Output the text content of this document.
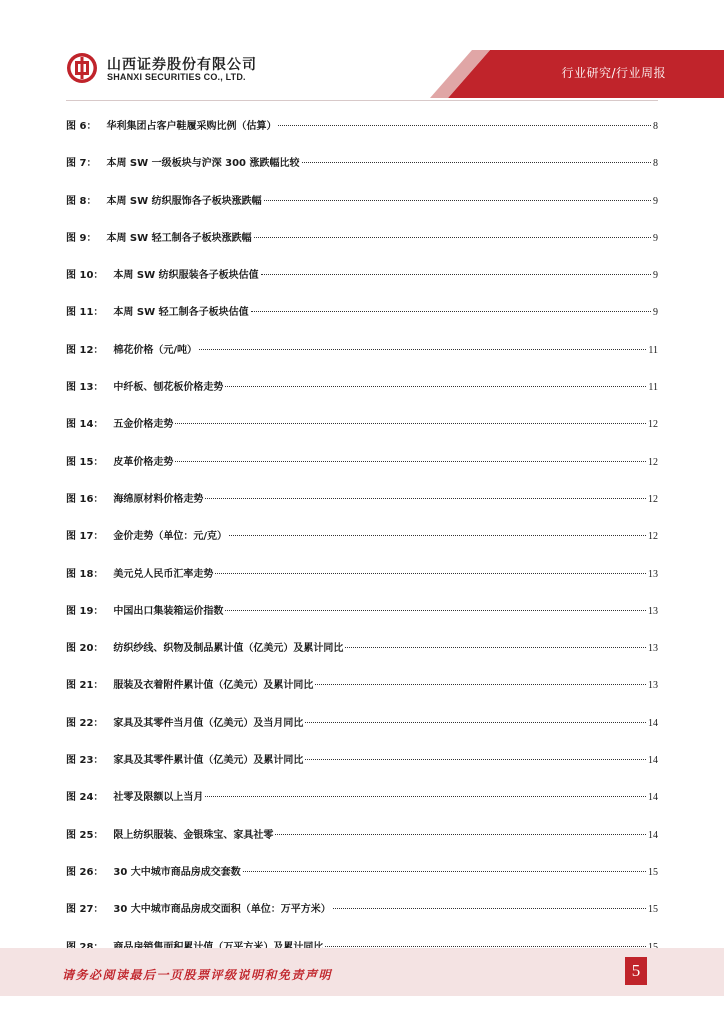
山西证券股份有限公司
SHANXI SECURITIES CO., LTD.	行业研究/行业周报
图 6：	华利集团占客户鞋履采购比例（估算）	8
图 7：	本周 SW 一级板块与沪深 300 涨跌幅比较	8
图 8：	本周 SW 纺织服饰各子板块涨跌幅	9
图 9：	本周 SW 轻工制各子板块涨跌幅	9
图 10：	本周 SW 纺织服装各子板块估值	9
图 11：	本周 SW 轻工制各子板块估值	9
图 12：	棉花价格（元/吨）	11
图 13：	中纤板、刨花板价格走势	11
图 14：	五金价格走势	12
图 15：	皮革价格走势	12
图 16：	海绵原材料价格走势	12
图 17：	金价走势（单位：元/克）	12
图 18：	美元兑人民币汇率走势	13
图 19：	中国出口集装箱运价指数	13
图 20：	纺织纱线、织物及制品累计值（亿美元）及累计同比	13
图 21：	服装及衣着附件累计值（亿美元）及累计同比	13
图 22：	家具及其零件当月值（亿美元）及当月同比	14
图 23：	家具及其零件累计值（亿美元）及累计同比	14
图 24：	社零及限额以上当月	14
图 25：	限上纺织服装、金银珠宝、家具社零	14
图 26：	30 大中城市商品房成交套数	15
图 27：	30 大中城市商品房成交面积（单位：万平方米）	15
请务必阅读最后一页股票评级说明和免责声明	5
